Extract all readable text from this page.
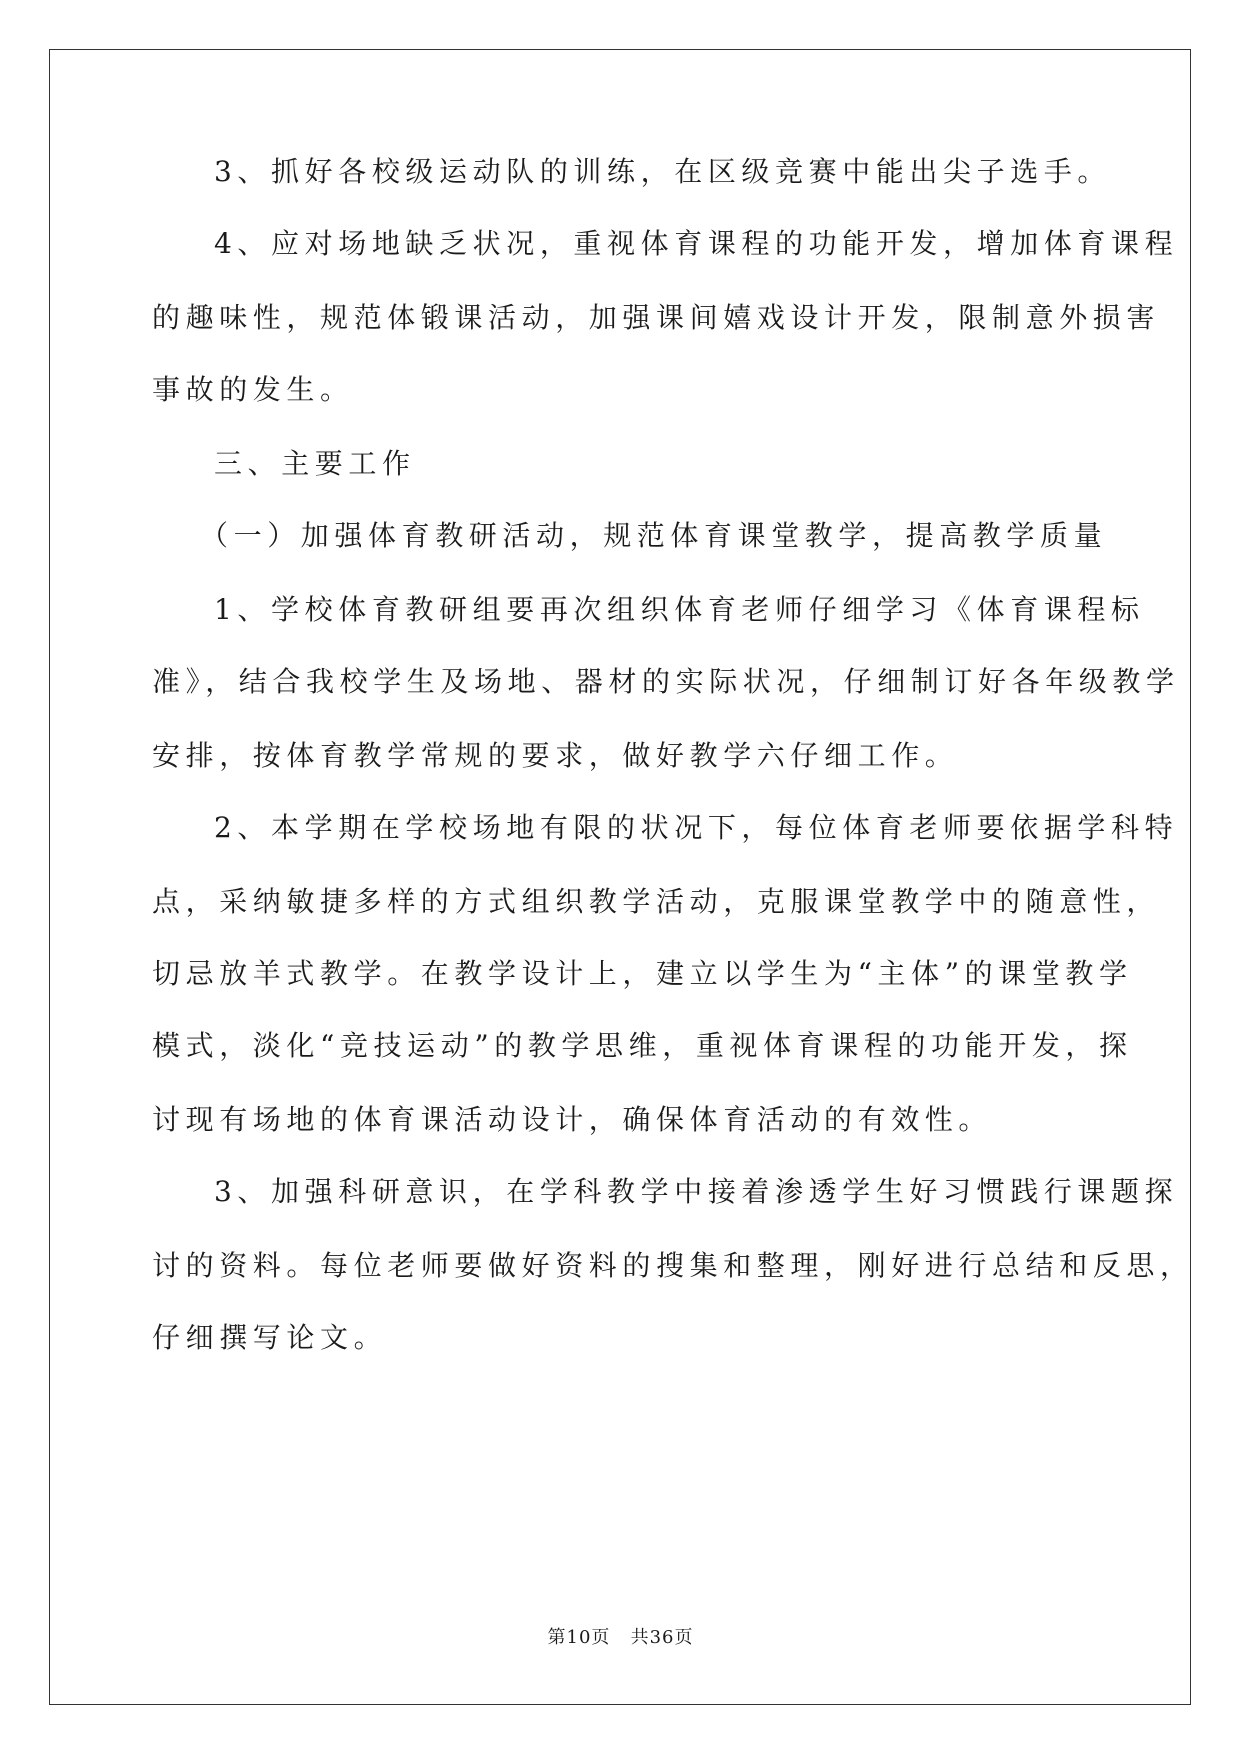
3、抓好各校级运动队的训练，在区级竞赛中能出尖子选手。
4、应对场地缺乏状况，重视体育课程的功能开发，增加体育课程
的趣味性，规范体锻课活动，加强课间嬉戏设计开发，限制意外损害
事故的发生。
三、主要工作
（一）加强体育教研活动，规范体育课堂教学，提高教学质量
1、学校体育教研组要再次组织体育老师仔细学习《体育课程标
准》，结合我校学生及场地、器材的实际状况，仔细制订好各年级教学
安排，按体育教学常规的要求，做好教学六仔细工作。
2、本学期在学校场地有限的状况下，每位体育老师要依据学科特
点，采纳敏捷多样的方式组织教学活动，克服课堂教学中的随意性，
切忌放羊式教学。在教学设计上，建立以学生为“主体”的课堂教学
模式，淡化“竞技运动”的教学思维，重视体育课程的功能开发，探
讨现有场地的体育课活动设计，确保体育活动的有效性。
3、加强科研意识，在学科教学中接着渗透学生好习惯践行课题探
讨的资料。每位老师要做好资料的搜集和整理，刚好进行总结和反思，
仔细撰写论文。
第10页 共36页
